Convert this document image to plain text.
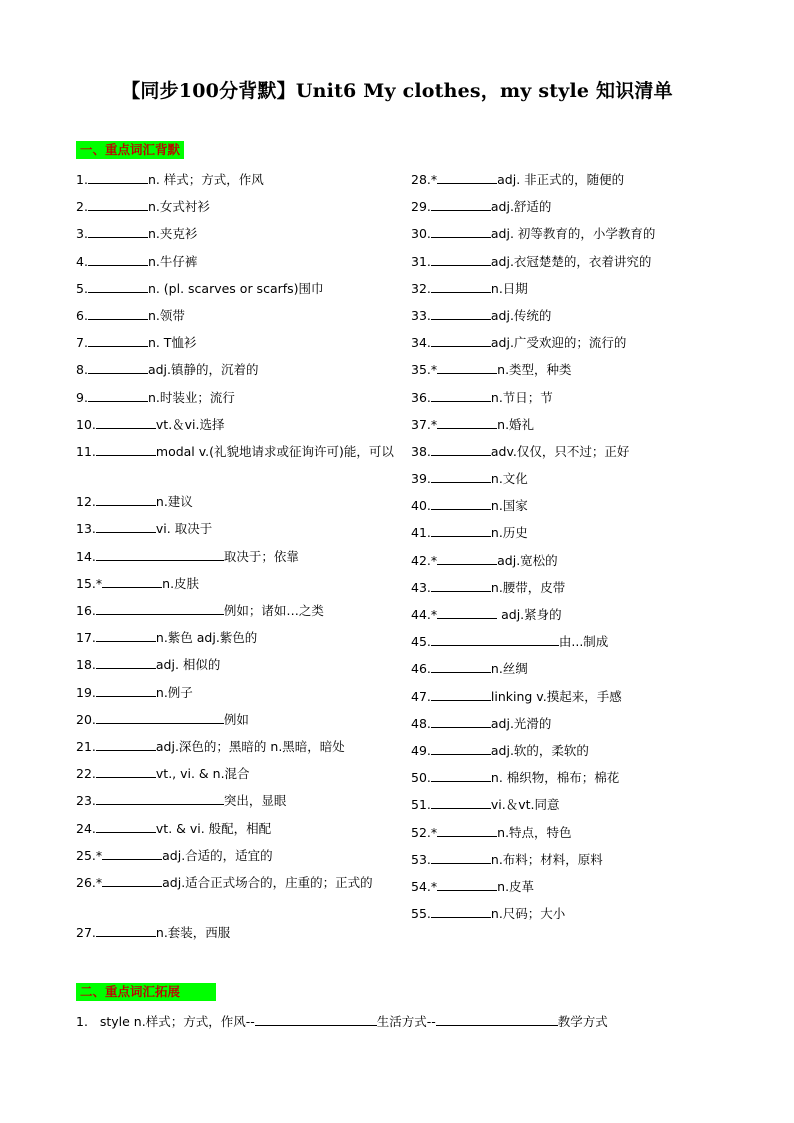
【同步100分背默】Unit6 My clothes，my style 知识清单
一、重点词汇背默
1.	n. 样式；方式，作风
2.	n.女式衬衫
3.	n.夹克衫
4.	n.牛仔裤
5.	n. (pl. scarves or scarfs)围巾
6.	n.领带
7.	n. T恤衫
8.	adj.镇静的，沉着的
9.	n.时装业；流行
10.	vt.＆vi.选择
11.	modal v.(礼貌地请求或征询许可)能，可以
12.	n.建议
13.	vi. 取决于
14.	取决于；依靠
15.*	n.皮肤
16.	例如；诸如…之类
17.	n.紫色 adj.紫色的
18.	adj. 相似的
19.	n.例子
20.	例如
21.	adj.深色的；黑暗的 n.黑暗，暗处
22.	vt., vi. & n.混合
23.	突出，显眼
24.	vt. & vi. 般配，相配
25.*	adj.合适的，适宜的
26.*	adj.适合正式场合的，庄重的；正式的
27.	n.套装，西服
28.*	adj. 非正式的，随便的
29.	adj.舒适的
30.	adj. 初等教育的，小学教育的
31.	adj.衣冠楚楚的，衣着讲究的
32.	n.日期
33.	adj.传统的
34.	adj.广受欢迎的；流行的
35.*	n.类型，种类
36.	n.节日；节
37.*	n.婚礼
38.	adv.仅仅，只不过；正好
39.	n.文化
40.	n.国家
41.	n.历史
42.*	adj.宽松的
43.	n.腰带，皮带
44.*	adj.紧身的
45.	由...制成
46.	n.丝绸
47.	linking v.摸起来，手感
48.	adj.光滑的
49.	adj.软的，柔软的
50.	n. 棉织物，棉布；棉花
51.	vi.＆vt.同意
52.*	n.特点，特色
53.	n.布料；材料，原料
54.*	n.皮革
55.	n.尺码；大小
二、重点词汇拓展
1. style n.样式；方式，作风--	生活方式--	教学方式
